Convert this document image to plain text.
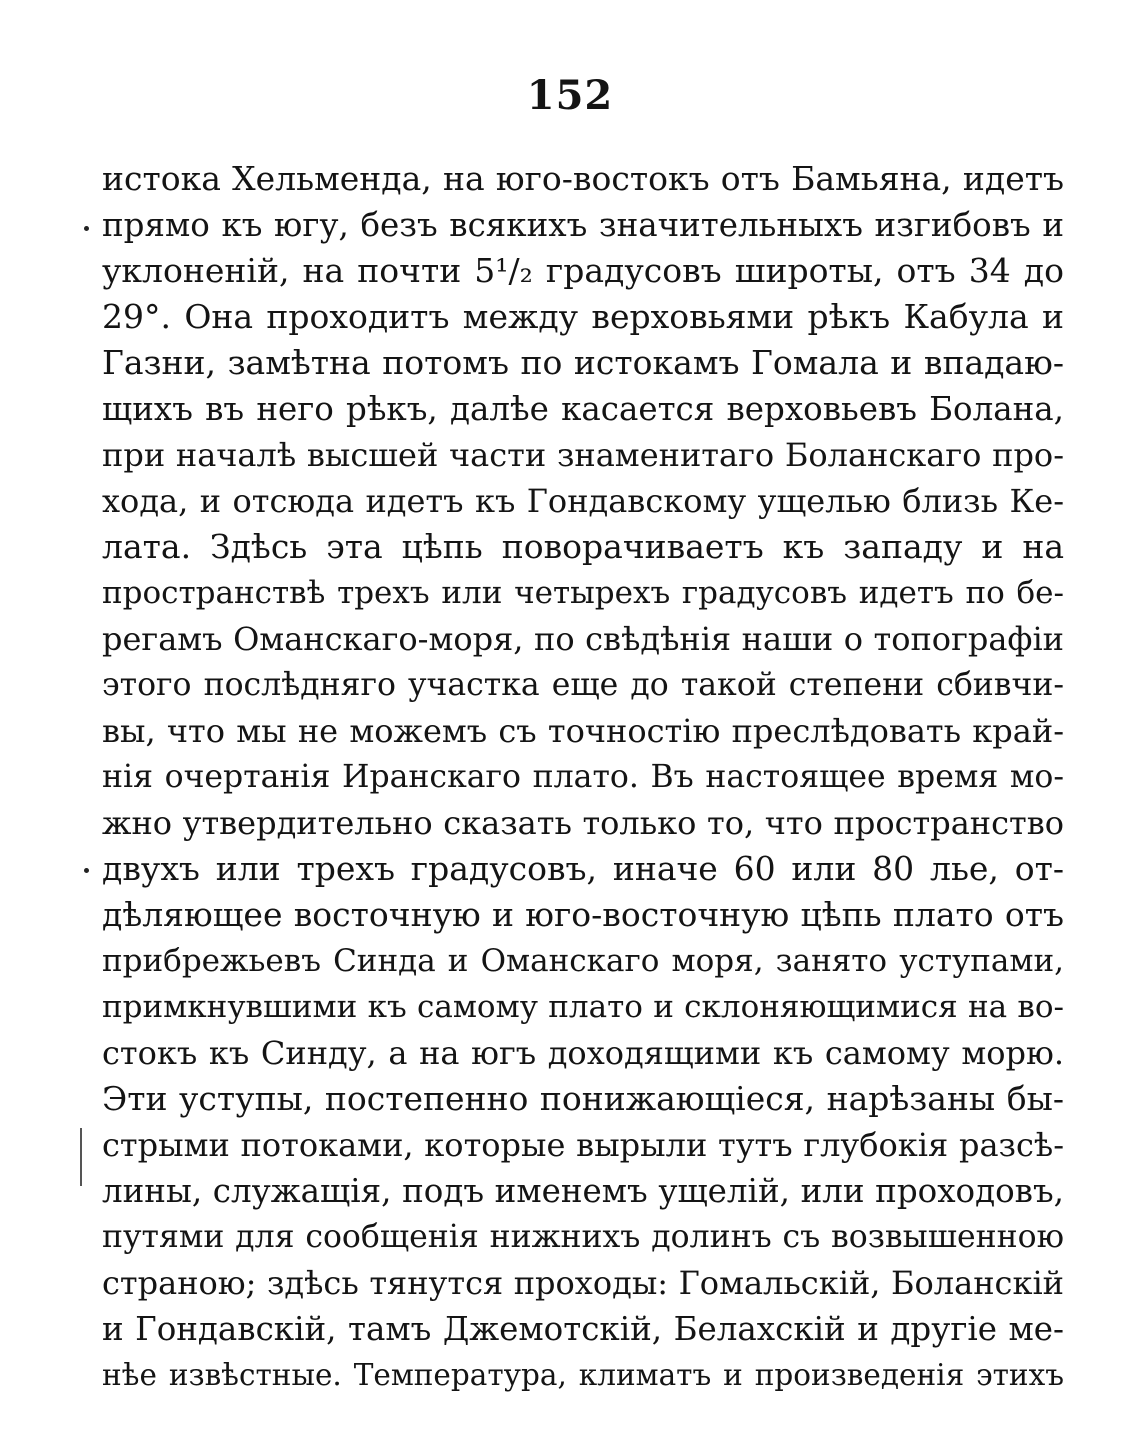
152
истока Хельменда, на юго-востокъ отъ Бамьяна, идетъ
прямо къ югу, безъ всякихъ значительныхъ изгибовъ и
уклоненій, на почти 5¹/₂ градусовъ широты, отъ 34 до
29°. Она проходитъ между верховьями рѣкъ Кабула и
Газни, замѣтна потомъ по истокамъ Гомала и впадаю-
щихъ въ него рѣкъ, далѣе касается верховьевъ Болана,
при началѣ высшей части знаменитаго Боланскаго про-
хода, и отсюда идетъ къ Гондавскому ущелью близь Ке-
лата. Здѣсь эта цѣпь поворачиваетъ къ западу и на
пространствѣ трехъ или четырехъ градусовъ идетъ по бе-
регамъ Оманскаго-моря, по свѣдѣнія наши о топографіи
этого послѣдняго участка еще до такой степени сбивчи-
вы, что мы не можемъ съ точностію преслѣдовать край-
нія очертанія Иранскаго плато. Въ настоящее время мо-
жно утвердительно сказать только то, что пространство
двухъ или трехъ градусовъ, иначе 60 или 80 лье, от-
дѣляющее восточную и юго-восточную цѣпь плато отъ
прибрежьевъ Синда и Оманскаго моря, занято уступами,
примкнувшими къ самому плато и склоняющимися на во-
стокъ къ Синду, а на югъ доходящими къ самому морю.
Эти уступы, постепенно понижающіеся, нарѣзаны бы-
стрыми потоками, которые вырыли тутъ глубокія разсѣ-
лины, служащія, подъ именемъ ущелій, или проходовъ,
путями для сообщенія нижнихъ долинъ съ возвышенною
страною; здѣсь тянутся проходы: Гомальскій, Боланскій
и Гондавскій, тамъ Джемотскій, Белахскій и другіе ме-
нѣе извѣстные. Температура, климатъ и произведенія этихъ
